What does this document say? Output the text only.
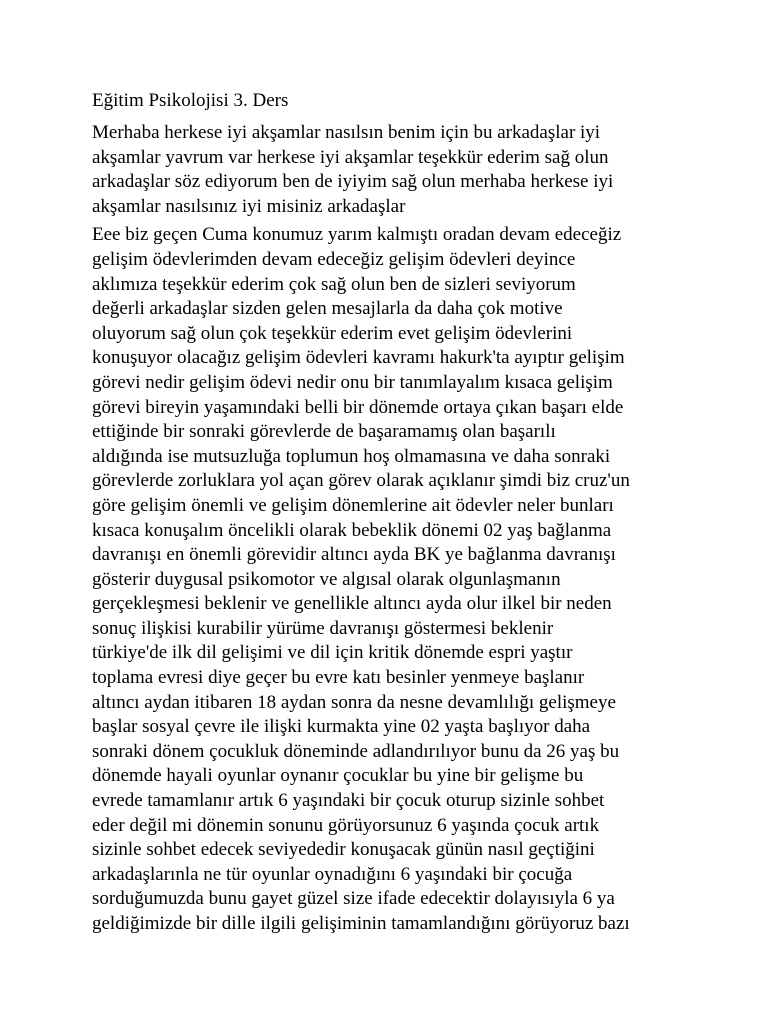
Eğitim Psikolojisi 3. Ders

Merhaba herkese iyi akşamlar nasılsın benim için bu arkadaşlar iyi
akşamlar yavrum var herkese iyi akşamlar teşekkür ederim sağ olun
arkadaşlar söz ediyorum ben de iyiyim sağ olun merhaba herkese iyi
akşamlar nasılsınız iyi misiniz arkadaşlar

Eee biz geçen Cuma konumuz yarım kalmıştı oradan devam edeceğiz
gelişim ödevlerimden devam edeceğiz gelişim ödevleri deyince
aklımıza teşekkür ederim çok sağ olun ben de sizleri seviyorum
değerli arkadaşlar sizden gelen mesajlarla da daha çok motive
oluyorum sağ olun çok teşekkür ederim evet gelişim ödevlerini
konuşuyor olacağız gelişim ödevleri kavramı hakurk'ta ayıptır gelişim
görevi nedir gelişim ödevi nedir onu bir tanımlayalım kısaca gelişim
görevi bireyin yaşamındaki belli bir dönemde ortaya çıkan başarı elde
ettiğinde bir sonraki görevlerde de başaramamış olan başarılı
aldığında ise mutsuzluğa toplumun hoş olmamasına ve daha sonraki
görevlerde zorluklara yol açan görev olarak açıklanır şimdi biz cruz'un
göre gelişim önemli ve gelişim dönemlerine ait ödevler neler bunları
kısaca konuşalım öncelikli olarak bebeklik dönemi 02 yaş bağlanma
davranışı en önemli görevidir altıncı ayda BK ye bağlanma davranışı
gösterir duygusal psikomotor ve algısal olarak olgunlaşmanın
gerçekleşmesi beklenir ve genellikle altıncı ayda olur ilkel bir neden
sonuç ilişkisi kurabilir yürüme davranışı göstermesi beklenir
türkiye'de ilk dil gelişimi ve dil için kritik dönemde espri yaştır
toplama evresi diye geçer bu evre katı besinler yenmeye başlanır
altıncı aydan itibaren 18 aydan sonra da nesne devamlılığı gelişmeye
başlar sosyal çevre ile ilişki kurmakta yine 02 yaşta başlıyor daha
sonraki dönem çocukluk döneminde adlandırılıyor bunu da 26 yaş bu
dönemde hayali oyunlar oynanır çocuklar bu yine bir gelişme bu
evrede tamamlanır artık 6 yaşındaki bir çocuk oturup sizinle sohbet
eder değil mi dönemin sonunu görüyorsunuz 6 yaşında çocuk artık
sizinle sohbet edecek seviyededir konuşacak günün nasıl geçtiğini
arkadaşlarınla ne tür oyunlar oynadığını 6 yaşındaki bir çocuğa
sorduğumuzda bunu gayet güzel size ifade edecektir dolayısıyla 6 ya
geldiğimizde bir dille ilgili gelişiminin tamamlandığını görüyoruz bazı
